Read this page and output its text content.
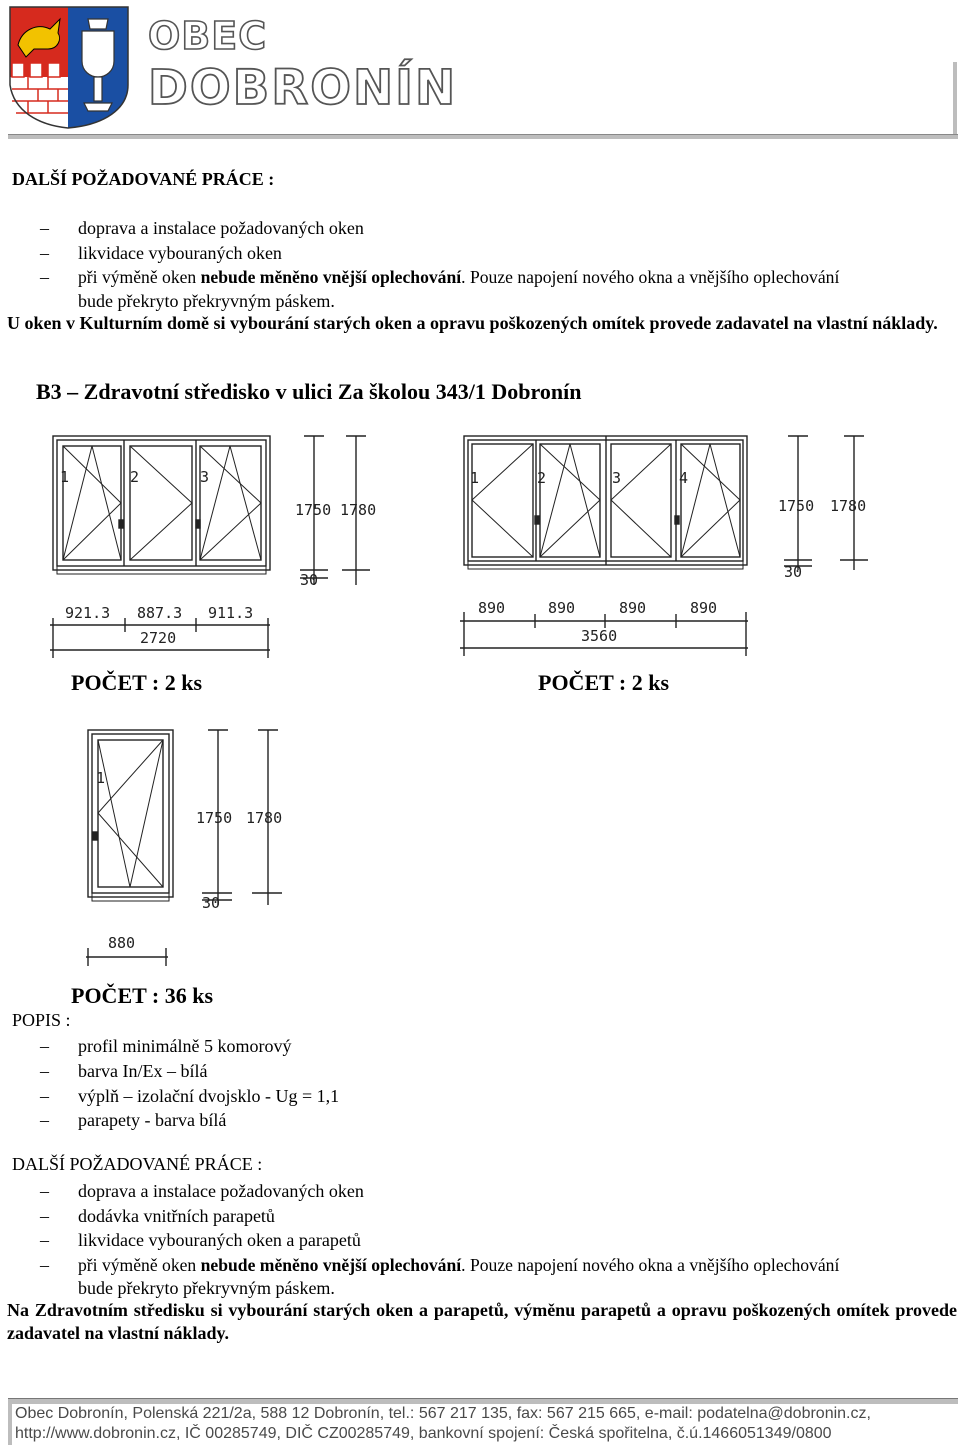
OBEC
DOBRONÍN
DALŠÍ POŽADOVANÉ PRÁCE :
– doprava a instalace požadovaných oken
– likvidace vybouraných oken
– při výměně oken nebude měněno vnější oplechování. Pouze napojení nového okna a vnějšího oplechování
bude překryto překryvným páskem.
U oken v Kulturním domě si vybourání starých oken a opravu poškozených omítek provede zadavatel na vlastní náklady.
B3 – Zdravotní středisko v ulici Za školou 343/1 Dobronín
1	2	3
1750 1780
30
921.3 887.3 911.3
2720
1	2	3	4
1750 1780
30
890	890	890	890
3560
1
1750 1780
30
880
POČET : 2 ks	POČET : 2 ks
POČET : 36 ks
POPIS :
– profil minimálně 5 komorový
– barva In/Ex – bílá
– výplň – izolační dvojsklo - Ug = 1,1
– parapety - barva bílá
DALŠÍ POŽADOVANÉ PRÁCE :
– doprava a instalace požadovaných oken
– dodávka vnitřních parapetů
– likvidace vybouraných oken a parapetů
– při výměně oken nebude měněno vnější oplechování. Pouze napojení nového okna a vnějšího oplechování
bude překryto překryvným páskem.
Na Zdravotním středisku si vybourání starých oken a parapetů, výměnu parapetů a opravu poškozených omítek provede zadavatel na vlastní náklady.
Obec Dobronín, Polenská 221/2a, 588 12 Dobronín, tel.: 567 217 135, fax: 567 215 665, e-mail: podatelna@dobronin.cz,
http://www.dobronin.cz, IČ 00285749, DIČ CZ00285749, bankovní spojení: Česká spořitelna, č.ú.1466051349/0800
